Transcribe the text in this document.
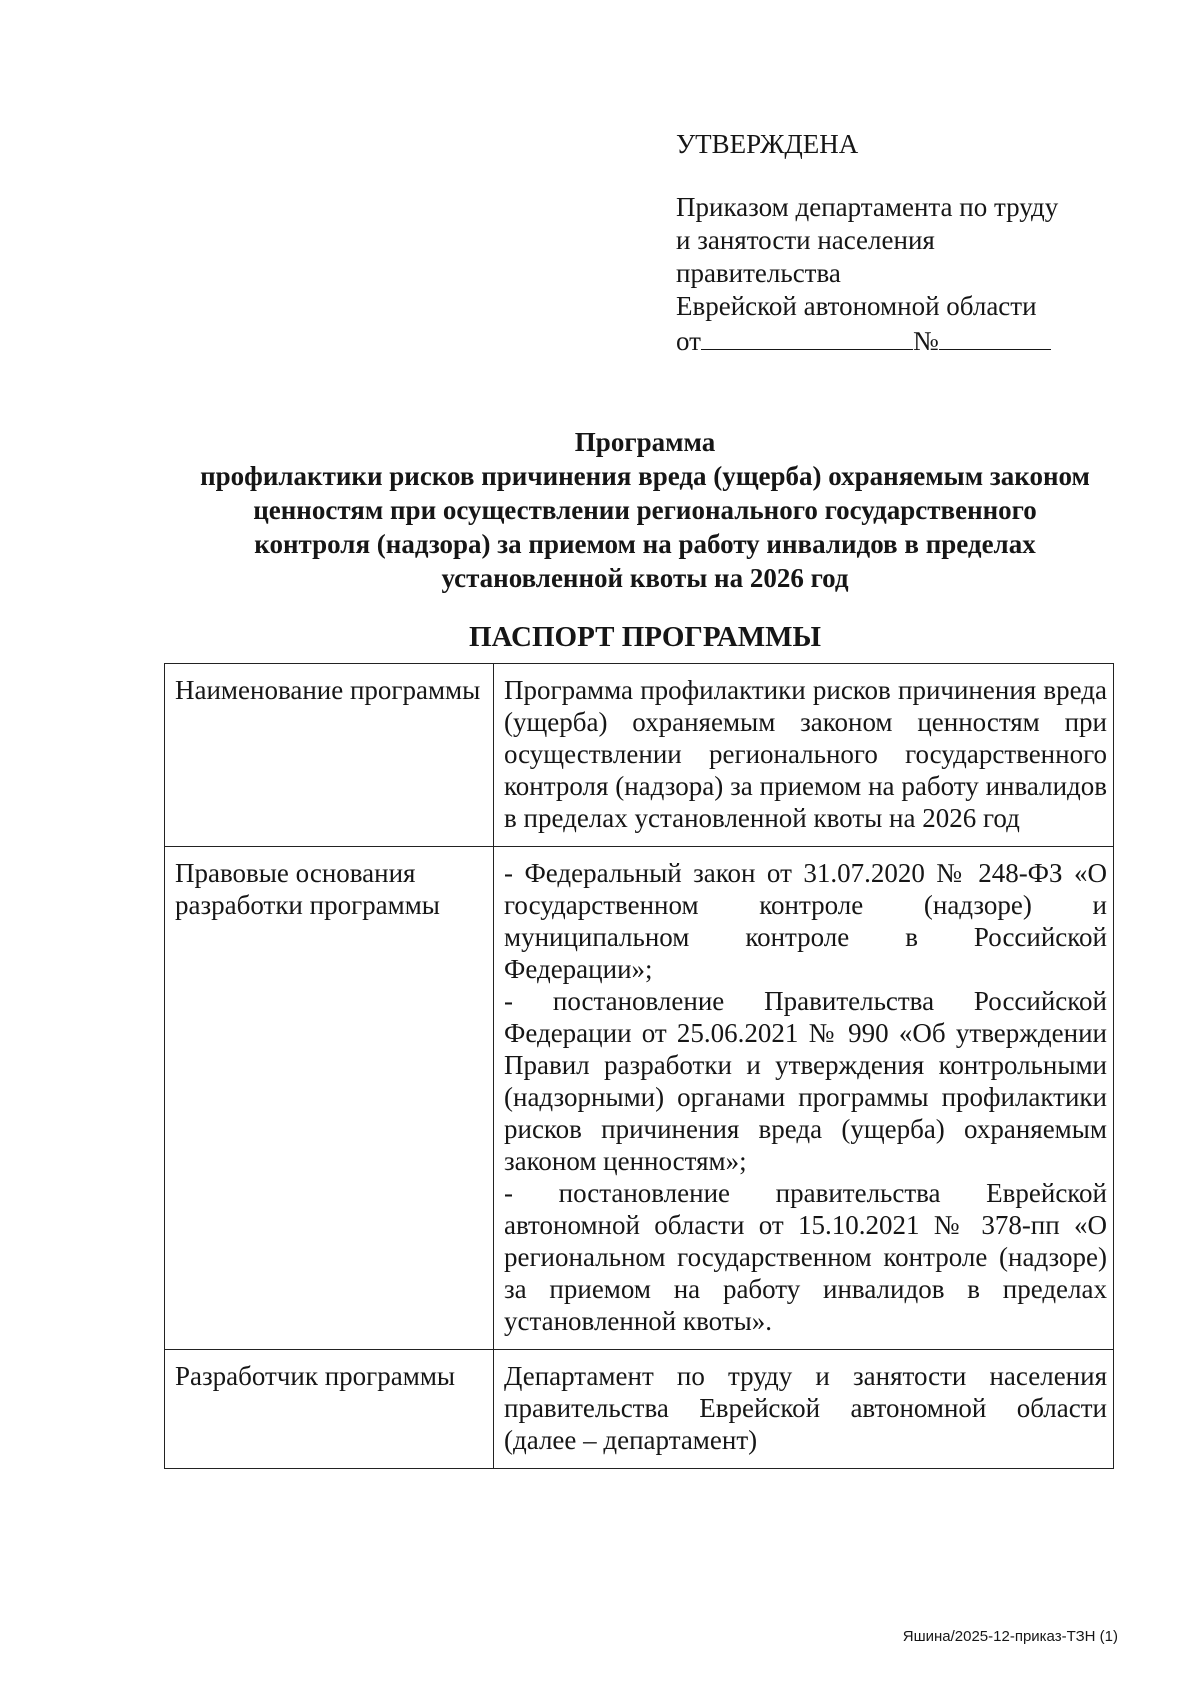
УТВЕРЖДЕНА
Приказом департамента по труду
и занятости населения
правительства
Еврейской автономной области
от	№
Программа
профилактики рисков причинения вреда (ущерба) охраняемым законом
ценностям при осуществлении регионального государственного
контроля (надзора) за приемом на работу инвалидов в пределах
установленной квоты на 2026 год
ПАСПОРТ ПРОГРАММЫ
Наименование программы	Программа профилактики рисков причинения вреда (ущерба) охраняемым законом ценностям при осуществлении регионального государственного контроля (надзора) за приемом на работу инвалидов в пределах установленной квоты на 2026 год

Правовые основания разработки программы	- Федеральный закон от 31.07.2020 № 248-ФЗ «О государственном контроле (надзоре) и муниципальном контроле в Российской Федерации»;
- постановление Правительства Российской Федерации от 25.06.2021 № 990 «Об утверждении Правил разработки и утверждения контрольными (надзорными) органами программы профилактики рисков причинения вреда (ущерба) охраняемым законом ценностям»;
- постановление правительства Еврейской автономной области от 15.10.2021 № 378-пп «О региональном государственном контроле (надзоре) за приемом на работу инвалидов в пределах установленной квоты».

Разработчик программы	Департамент по труду и занятости населения правительства Еврейской автономной области (далее – департамент)
Яшина/2025-12-приказ-ТЗН (1)
